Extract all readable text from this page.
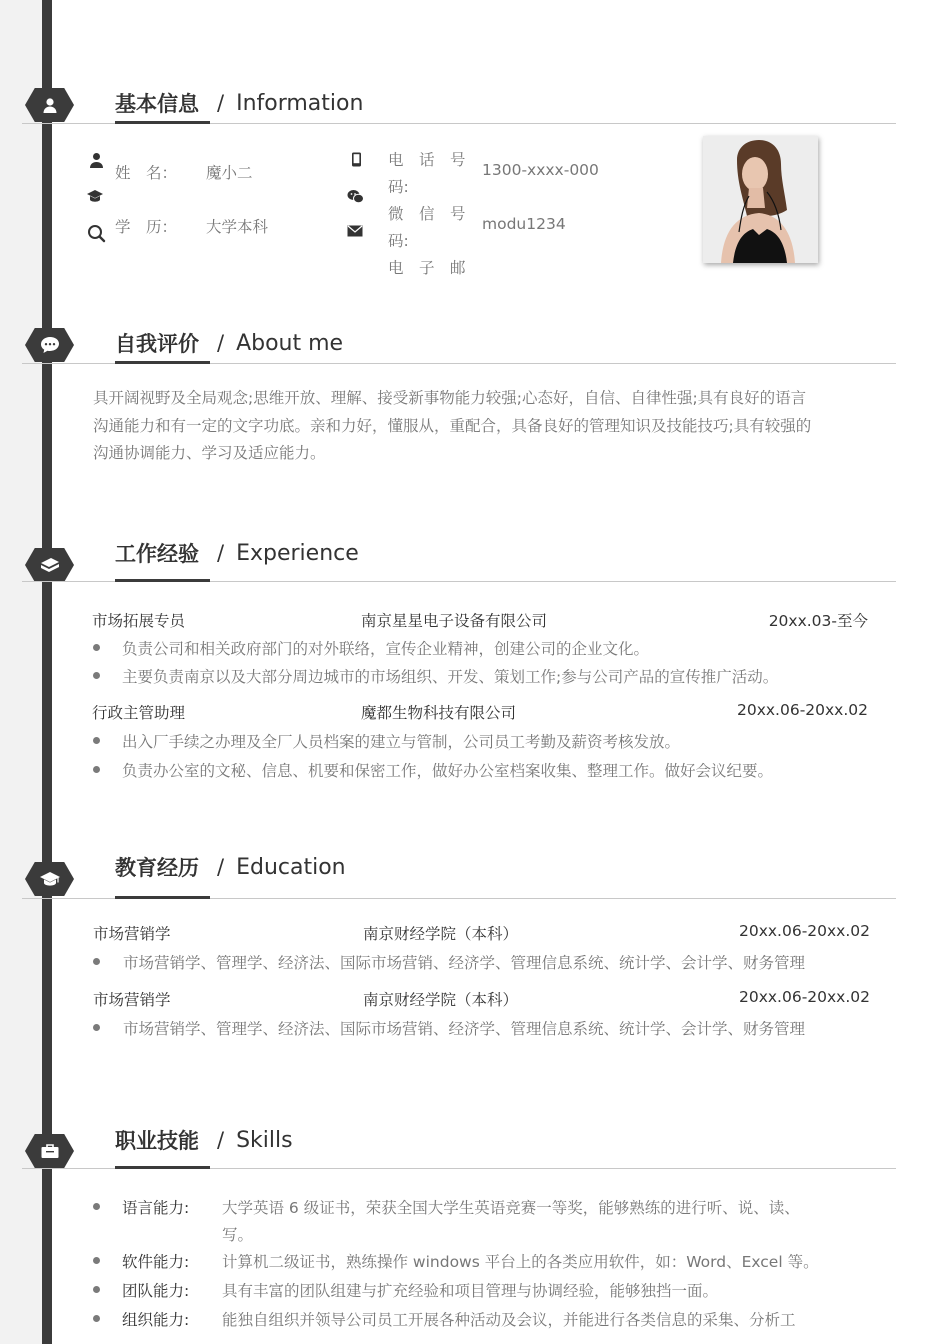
基本信息 / Information
姓　名： 魔小二
学　历： 大学本科
电　话　号
码:
1300-xxxx-000
微　信　号
码:
modu1234
电　子　邮
自我评价 / About me
具开阔视野及全局观念;思维开放、理解、接受新事物能力较强;心态好，自信、自律性强;具有良好的语言
沟通能力和有一定的文字功底。亲和力好，懂服从，重配合，具备良好的管理知识及技能技巧;具有较强的
沟通协调能力、学习及适应能力。
工作经验 / Experience
市场拓展专员	南京星星电子设备有限公司	20xx.03-至今
负责公司和相关政府部门的对外联络，宣传企业精神，创建公司的企业文化。
主要负责南京以及大部分周边城市的市场组织、开发、策划工作;参与公司产品的宣传推广活动。
行政主管助理	魔都生物科技有限公司	20xx.06-20xx.02
出入厂手续之办理及全厂人员档案的建立与管制，公司员工考勤及薪资考核发放。
负责办公室的文秘、信息、机要和保密工作，做好办公室档案收集、整理工作。做好会议纪要。
教育经历 / Education
市场营销学	南京财经学院（本科）	20xx.06-20xx.02
市场营销学、管理学、经济法、国际市场营销、经济学、管理信息系统、统计学、会计学、财务管理
市场营销学	南京财经学院（本科）	20xx.06-20xx.02
市场营销学、管理学、经济法、国际市场营销、经济学、管理信息系统、统计学、会计学、财务管理
职业技能 / Skills
语言能力: 大学英语 6 级证书，荣获全国大学生英语竞赛一等奖，能够熟练的进行听、说、读、
写。
软件能力: 计算机二级证书，熟练操作 windows 平台上的各类应用软件，如：Word、Excel 等。
团队能力: 具有丰富的团队组建与扩充经验和项目管理与协调经验，能够独挡一面。
组织能力: 能独自组织并领导公司员工开展各种活动及会议，并能进行各类信息的采集、分析工
